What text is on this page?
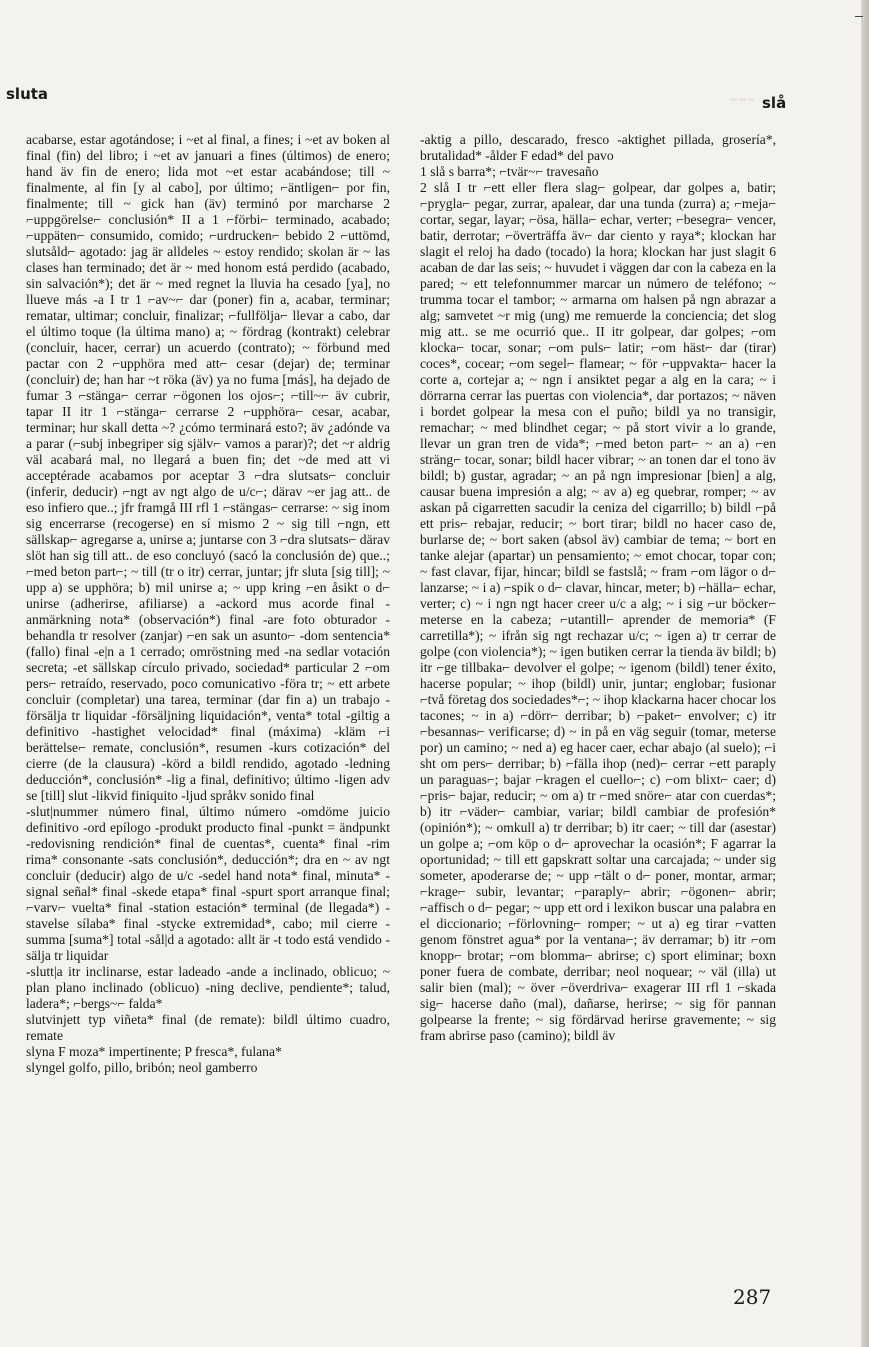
sluta	~ ~ ~ slå

acabarse, estar agotándose; i ~et al final, a fines; i ~et av boken al final (fin) del libro; i ~et av januari a fines (últimos) de enero; hand äv fin de enero; lida mot ~et estar acabándose; till ~ finalmente, al fin [y al cabo], por último; ⌐äntligen⌐ por fin, finalmente; till ~ gick han (äv) terminó por marcharse 2 ⌐uppgörelse⌐ conclusión* II a 1 ⌐förbi⌐ terminado, acabado; ⌐uppäten⌐ consumido, comido; ⌐urdrucken⌐ bebido 2 ⌐uttömd, slutsåld⌐ agotado: jag är alldeles ~ estoy rendido; skolan är ~ las clases han terminado; det är ~ med honom está perdido (acabado, sin salvación*); det är ~ med regnet la lluvia ha cesado [ya], no llueve más -a I tr 1 ⌐av~⌐ dar (poner) fin a, acabar, terminar; rematar, ultimar; concluir, finalizar; ⌐fullfölja⌐ llevar a cabo, dar el último toque (la última mano) a; ~ fördrag (kontrakt) celebrar (concluir, hacer, cerrar) un acuerdo (contrato); ~ förbund med pactar con 2 ⌐upphöra med att⌐ cesar (dejar) de; terminar (concluir) de; han har ~t röka (äv) ya no fuma [más], ha dejado de fumar 3 ⌐stänga⌐ cerrar ⌐ögonen los ojos⌐; ⌐till~⌐ äv cubrir, tapar II itr 1 ⌐stänga⌐ cerrarse 2 ⌐upphöra⌐ cesar, acabar, terminar; hur skall detta ~? ¿cómo terminará esto?; äv ¿adónde va a parar (⌐subj inbegriper sig själv⌐ vamos a parar)?; det ~r aldrig väl acabará mal, no llegará a buen fin; det ~de med att vi acceptérade acabamos por aceptar 3 ⌐dra slutsats⌐ concluir (inferir, deducir) ⌐ngt av ngt algo de u/c⌐; därav ~er jag att.. de eso infiero que..; jfr framgå III rfl 1 ⌐stängas⌐ cerrarse: ~ sig inom sig encerrarse (recogerse) en sí mismo 2 ~ sig till ⌐ngn, ett sällskap⌐ agregarse a, unirse a; juntarse con 3 ⌐dra slutsats⌐ därav slöt han sig till att.. de eso concluyó (sacó la conclusión de) que..; ⌐med beton part⌐; ~ till (tr o itr) cerrar, juntar; jfr sluta [sig till]; ~ upp a) se upphöra; b) mil unirse a; ~ upp kring ⌐en åsikt o d⌐ unirse (adherirse, afiliarse) a -ackord mus acorde final -anmärkning nota* (observación*) final -are foto obturador -behandla tr resolver (zanjar) ⌐en sak un asunto⌐ -dom sentencia* (fallo) final -e|n a 1 cerrado; omröstning med -na sedlar votación secreta; -et sällskap círculo privado, sociedad* particular 2 ⌐om pers⌐ retraído, reservado, poco comunicativo -föra tr; ~ ett arbete concluir (completar) una tarea, terminar (dar fin a) un trabajo -försälja tr liquidar -försäljning liquidación*, venta* total -giltig a definitivo -hastighet velocidad* final (máxima) -kläm ⌐i berättelse⌐ remate, conclusión*, resumen -kurs cotización* del cierre (de la clausura) -körd a bildl rendido, agotado -ledning deducción*, conclusión* -lig a final, definitivo; último -ligen adv se [till] slut -likvid finiquito -ljud språkv sonido final

-slut|nummer número final, último número -omdöme juicio definitivo -ord epílogo -produkt producto final -punkt = ändpunkt -redovisning rendición* final de cuentas*, cuenta* final -rim rima* consonante -sats conclusión*, deducción*; dra en ~ av ngt concluir (deducir) algo de u/c -sedel hand nota* final, minuta* -signal señal* final -skede etapa* final -spurt sport arranque final; ⌐varv⌐ vuelta* final -station estación* terminal (de llegada*) -stavelse sílaba* final -stycke extremidad*, cabo; mil cierre -summa [suma*] total -sål|d a agotado: allt är -t todo está vendido -sälja tr liquidar

-slutt|a itr inclinarse, estar ladeado -ande a inclinado, oblicuo; ~ plan plano inclinado (oblicuo) -ning declive, pendiente*; talud, ladera*; ⌐bergs~⌐ falda*

slutvinjett typ viñeta* final (de remate): bildl último cuadro, remate

slyna F moza* impertinente; P fresca*, fulana*

slyngel golfo, pillo, bribón; neol gamberro

-aktig a pillo, descarado, fresco -aktighet pillada, grosería*, brutalidad* -ålder F edad* del pavo

1 slå s barra*; ⌐tvär~⌐ travesaño

2 slå I tr ⌐ett eller flera slag⌐ golpear, dar golpes a, batir; ⌐prygla⌐ pegar, zurrar, apalear, dar una tunda (zurra) a; ⌐meja⌐ cortar, segar, layar; ⌐ösa, hälla⌐ echar, verter; ⌐besegra⌐ vencer, batir, derrotar; ⌐överträffa äv⌐ dar ciento y raya*; klockan har slagit el reloj ha dado (tocado) la hora; klockan har just slagit 6 acaban de dar las seis; ~ huvudet i väggen dar con la cabeza en la pared; ~ ett telefonnummer marcar un número de teléfono; ~ trumma tocar el tambor; ~ armarna om halsen på ngn abrazar a alg; samvetet ~r mig (ung) me remuerde la conciencia; det slog mig att.. se me ocurrió que.. II itr golpear, dar golpes; ⌐om klocka⌐ tocar, sonar; ⌐om puls⌐ latir; ⌐om häst⌐ dar (tirar) coces*, cocear; ⌐om segel⌐ flamear; ~ för ⌐uppvakta⌐ hacer la corte a, cortejar a; ~ ngn i ansiktet pegar a alg en la cara; ~ i dörrarna cerrar las puertas con violencia*, dar portazos; ~ näven i bordet golpear la mesa con el puño; bildl ya no transigir, remachar; ~ med blindhet cegar; ~ på stort vivir a lo grande, llevar un gran tren de vida*; ⌐med beton part⌐ ~ an a) ⌐en sträng⌐ tocar, sonar; bildl hacer vibrar; ~ an tonen dar el tono äv bildl; b) gustar, agradar; ~ an på ngn impresionar [bien] a alg, causar buena impresión a alg; ~ av a) eg quebrar, romper; ~ av askan på cigarretten sacudir la ceniza del cigarrillo; b) bildl ⌐på ett pris⌐ rebajar, reducir; ~ bort tirar; bildl no hacer caso de, burlarse de; ~ bort saken (absol äv) cambiar de tema; ~ bort en tanke alejar (apartar) un pensamiento; ~ emot chocar, topar con; ~ fast clavar, fijar, hincar; bildl se fastslå; ~ fram ⌐om lägor o d⌐ lanzarse; ~ i a) ⌐spik o d⌐ clavar, hincar, meter; b) ⌐hälla⌐ echar, verter; c) ~ i ngn ngt hacer creer u/c a alg; ~ i sig ⌐ur böcker⌐ meterse en la cabeza; ⌐utantill⌐ aprender de memoria* (F carretilla*); ~ ifrån sig ngt rechazar u/c; ~ igen a) tr cerrar de golpe (con violencia*); ~ igen butiken cerrar la tienda äv bildl; b) itr ⌐ge tillbaka⌐ devolver el golpe; ~ igenom (bildl) tener éxito, hacerse popular; ~ ihop (bildl) unir, juntar; englobar; fusionar ⌐två företag dos sociedades*⌐; ~ ihop klackarna hacer chocar los tacones; ~ in a) ⌐dörr⌐ derribar; b) ⌐paket⌐ envolver; c) itr ⌐besannas⌐ verificarse; d) ~ in på en väg seguir (tomar, meterse por) un camino; ~ ned a) eg hacer caer, echar abajo (al suelo); ⌐i sht om pers⌐ derribar; b) ⌐fälla ihop (ned)⌐ cerrar ⌐ett paraply un paraguas⌐; bajar ⌐kragen el cuello⌐; c) ⌐om blixt⌐ caer; d) ⌐pris⌐ bajar, reducir; ~ om a) tr ⌐med snöre⌐ atar con cuerdas*; b) itr ⌐väder⌐ cambiar, variar; bildl cambiar de profesión* (opinión*); ~ omkull a) tr derribar; b) itr caer; ~ till dar (asestar) un golpe a; ⌐om köp o d⌐ aprovechar la ocasión*; F agarrar la oportunidad; ~ till ett gapskratt soltar una carcajada; ~ under sig someter, apoderarse de; ~ upp ⌐tält o d⌐ poner, montar, armar; ⌐krage⌐ subir, levantar; ⌐paraply⌐ abrir; ⌐ögonen⌐ abrir; ⌐affisch o d⌐ pegar; ~ upp ett ord i lexikon buscar una palabra en el diccionario; ⌐förlovning⌐ romper; ~ ut a) eg tirar ⌐vatten genom fönstret agua* por la ventana⌐; äv derramar; b) itr ⌐om knopp⌐ brotar; ⌐om blomma⌐ abrirse; c) sport eliminar; boxn poner fuera de combate, derribar; neol noquear; ~ väl (illa) ut salir bien (mal); ~ över ⌐överdriva⌐ exagerar III rfl 1 ⌐skada sig⌐ hacerse daño (mal), dañarse, herirse; ~ sig för pannan golpearse la frente; ~ sig fördärvad herirse gravemente; ~ sig fram abrirse paso (camino); bildl äv

287
